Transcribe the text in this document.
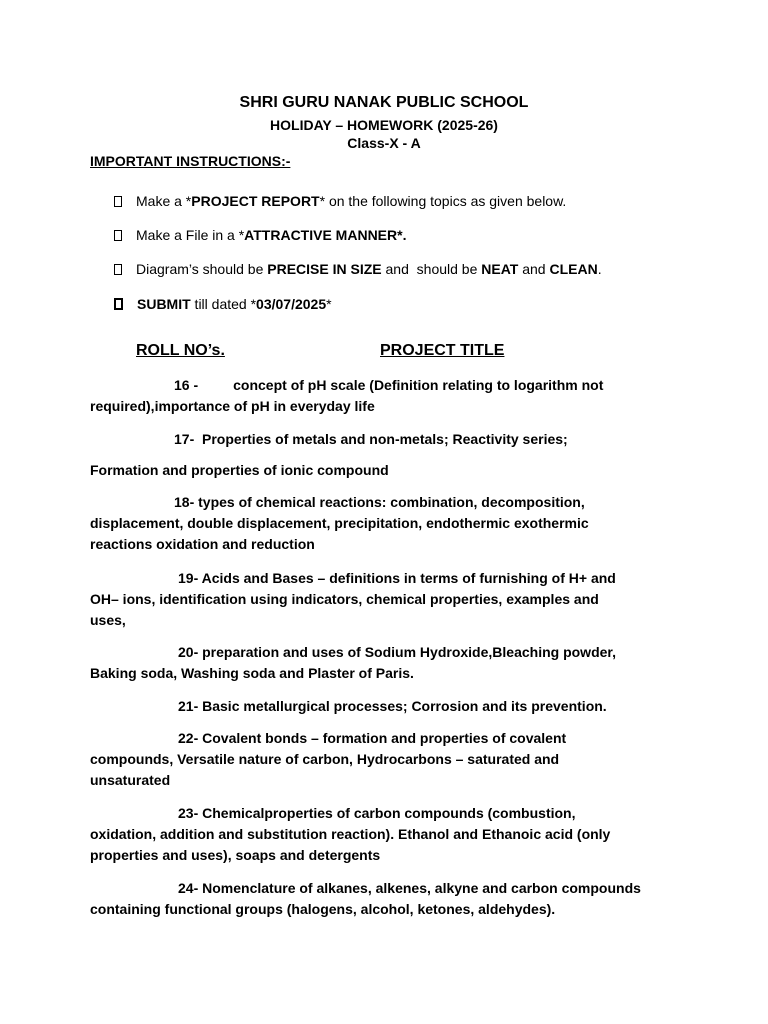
SHRI GURU NANAK PUBLIC SCHOOL
HOLIDAY – HOMEWORK (2025-26)
Class-X - A
IMPORTANT INSTRUCTIONS:-
Make a *PROJECT REPORT* on the following topics as given below.
Make a File in a *ATTRACTIVE MANNER*.
Diagram’s should be PRECISE IN SIZE and  should be NEAT and CLEAN.
SUBMIT till dated *03/07/2025*
ROLL NO’s.	PROJECT TITLE
16 -         concept of pH scale (Definition relating to logarithm not
required),importance of pH in everyday life
17-  Properties of metals and non-metals; Reactivity series;
Formation and properties of ionic compound
18- types of chemical reactions: combination, decomposition,
displacement, double displacement, precipitation, endothermic exothermic
reactions oxidation and reduction
19- Acids and Bases – definitions in terms of furnishing of H+ and
OH– ions, identification using indicators, chemical properties, examples and
uses,
20- preparation and uses of Sodium Hydroxide,Bleaching powder,
Baking soda, Washing soda and Plaster of Paris.
21- Basic metallurgical processes; Corrosion and its prevention.
22- Covalent bonds – formation and properties of covalent
compounds, Versatile nature of carbon, Hydrocarbons – saturated and
unsaturated
23- Chemicalproperties of carbon compounds (combustion,
oxidation, addition and substitution reaction). Ethanol and Ethanoic acid (only
properties and uses), soaps and detergents
24- Nomenclature of alkanes, alkenes, alkyne and carbon compounds
containing functional groups (halogens, alcohol, ketones, aldehydes).
